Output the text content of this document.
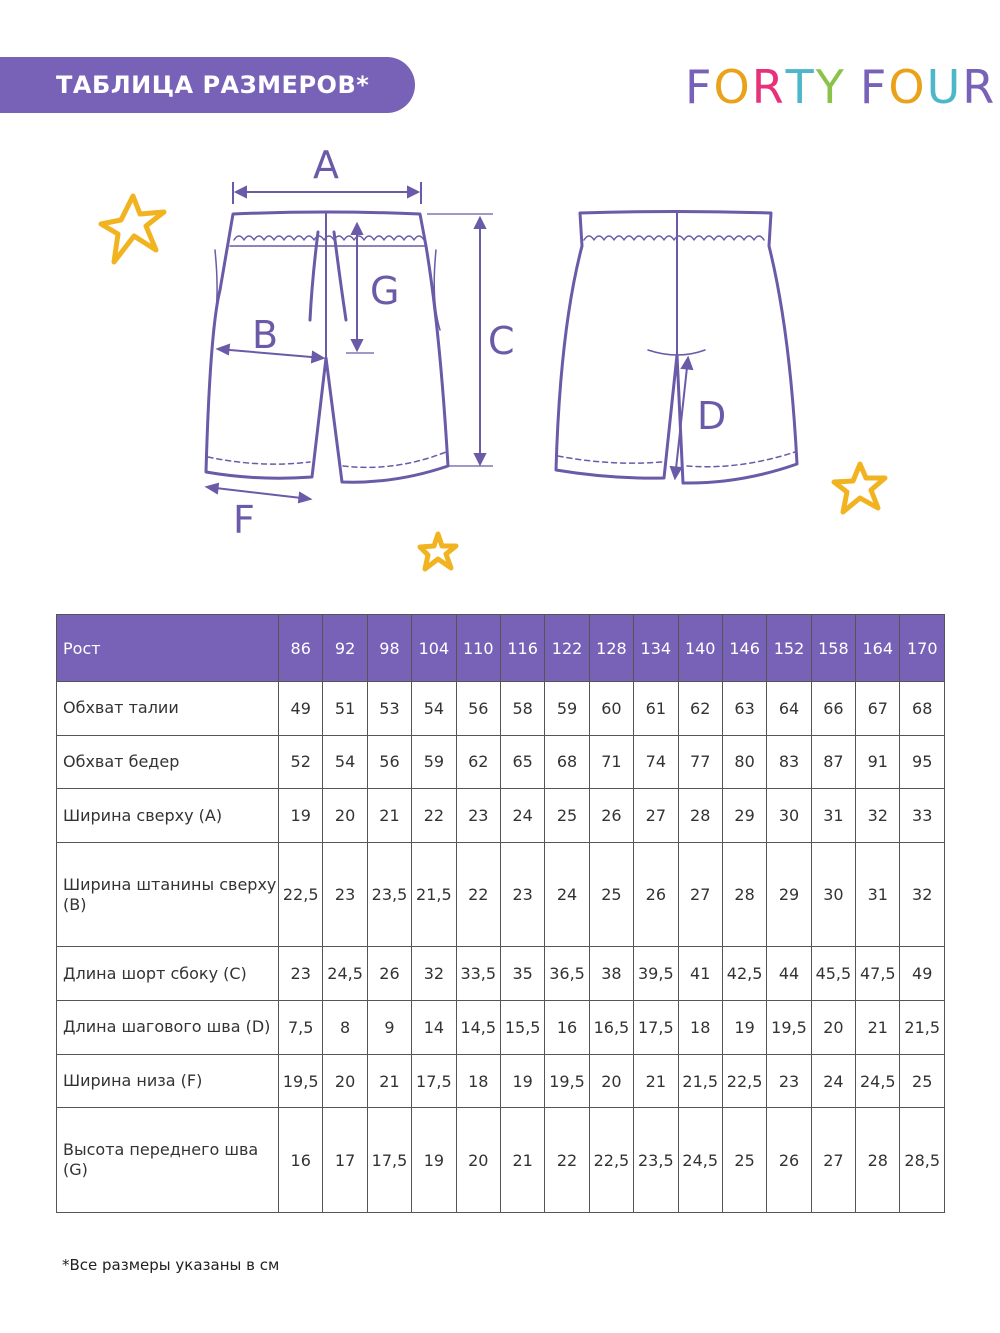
ТАБЛИЦА РАЗМЕРОВ*	FORTY FOUR
A
B	C
D
F
G
Рост	86	92	98	104	110	116	122	128	134	140	146	152	158	164	170
Обхват талии	49	51	53	54	56	58	59	60	61	62	63	64	66	67	68
Обхват бедер	52	54	56	59	62	65	68	71	74	77	80	83	87	91	95
Ширина сверху (A)	19	20	21	22	23	24	25	26	27	28	29	30	31	32	33
Ширина штанины сверху (B)	22,5	23	23,5	21,5	22	23	24	25	26	27	28	29	30	31	32
Длина шорт сбоку (C)	23	24,5	26	32	33,5	35	36,5	38	39,5	41	42,5	44	45,5	47,5	49
Длина шагового шва (D)	7,5	8	9	14	14,5	15,5	16	16,5	17,5	18	19	19,5	20	21	21,5
Ширина низа (F)	19,5	20	21	17,5	18	19	19,5	20	21	21,5	22,5	23	24	24,5	25
Высота переднего шва (G)	16	17	17,5	19	20	21	22	22,5	23,5	24,5	25	26	27	28	28,5
*Все размеры указаны в см
